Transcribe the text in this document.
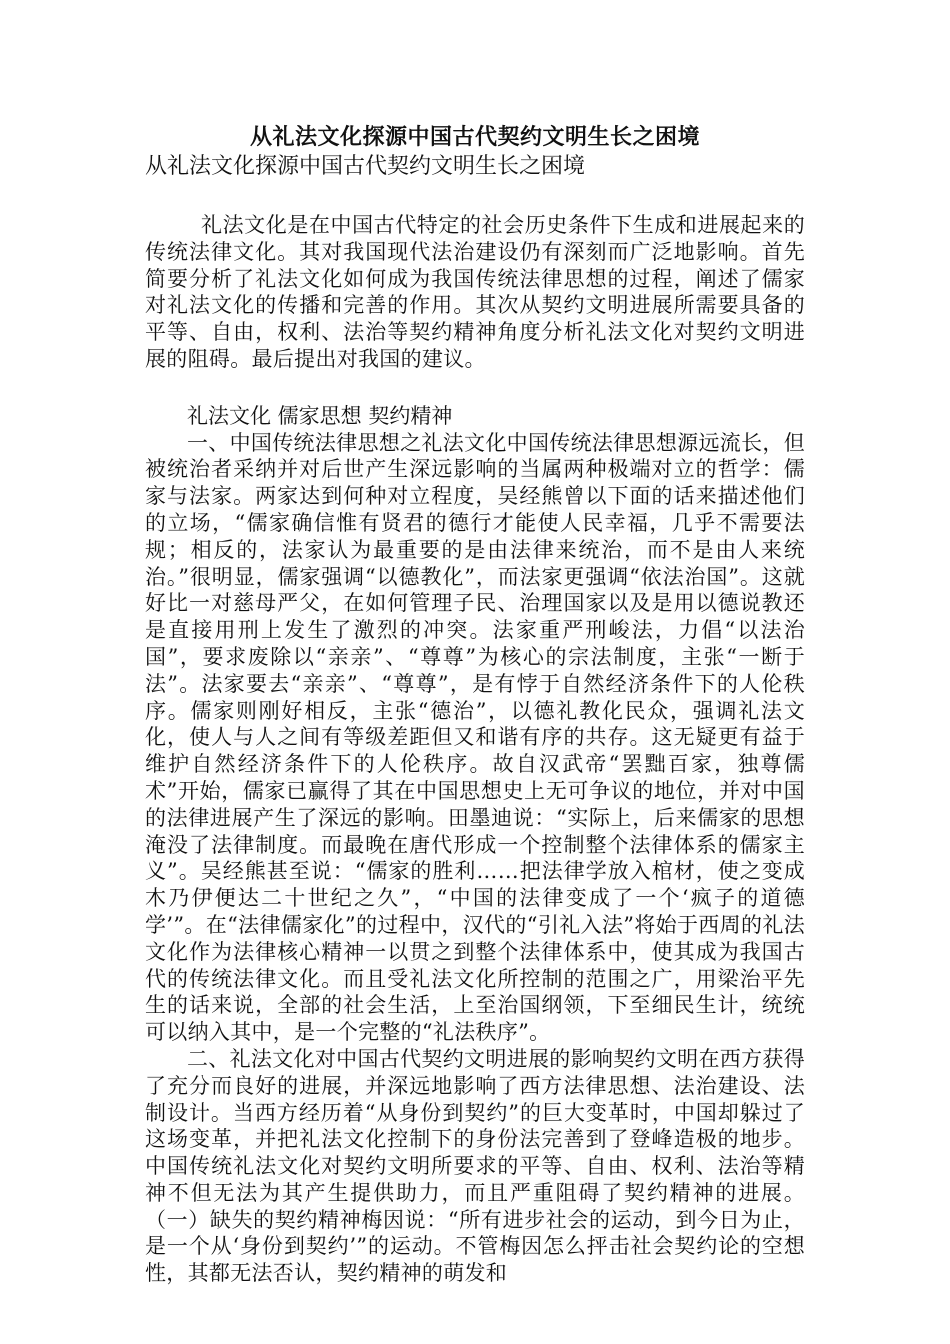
从礼法文化探源中国古代契约文明生长之困境

从礼法文化探源中国古代契约文明生长之困境

礼法文化是在中国古代特定的社会历史条件下生成和进展起来的传统法律文化。其对我国现代法治建设仍有深刻而广泛地影响。首先简要分析了礼法文化如何成为我国传统法律思想的过程，阐述了儒家对礼法文化的传播和完善的作用。其次从契约文明进展所需要具备的平等、自由，权利、法治等契约精神角度分析礼法文化对契约文明进展的阻碍。最后提出对我国的建议。

礼法文化 儒家思想 契约精神

一、中国传统法律思想之礼法文化中国传统法律思想源远流长，但被统治者采纳并对后世产生深远影响的当属两种极端对立的哲学：儒家与法家。两家达到何种对立程度，吴经熊曾以下面的话来描述他们的立场，“儒家确信惟有贤君的德行才能使人民幸福，几乎不需要法规；相反的，法家认为最重要的是由法律来统治，而不是由人来统治。”很明显，儒家强调“以德教化”，而法家更强调“依法治国”。这就好比一对慈母严父，在如何管理子民、治理国家以及是用以德说教还是直接用刑上发生了激烈的冲突。法家重严刑峻法，力倡“以法治国”，要求废除以“亲亲”、“尊尊”为核心的宗法制度，主张“一断于法”。法家要去“亲亲”、“尊尊”，是有悖于自然经济条件下的人伦秩序。儒家则刚好相反，主张“德治”，以德礼教化民众，强调礼法文化，使人与人之间有等级差距但又和谐有序的共存。这无疑更有益于维护自然经济条件下的人伦秩序。故自汉武帝“罢黜百家，独尊儒术”开始，儒家已赢得了其在中国思想史上无可争议的地位，并对中国的法律进展产生了深远的影响。田墨迪说：“实际上，后来儒家的思想淹没了法律制度。而最晚在唐代形成一个控制整个法律体系的儒家主义”。吴经熊甚至说：“儒家的胜利……把法律学放入棺材，使之变成木乃伊便达二十世纪之久”，“中国的法律变成了一个‘疯子的道德学’”。在“法律儒家化”的过程中，汉代的“引礼入法”将始于西周的礼法文化作为法律核心精神一以贯之到整个法律体系中，使其成为我国古代的传统法律文化。而且受礼法文化所控制的范围之广，用梁治平先生的话来说，全部的社会生活，上至治国纲领，下至细民生计，统统可以纳入其中，是一个完整的“礼法秩序”。

二、礼法文化对中国古代契约文明进展的影响契约文明在西方获得了充分而良好的进展，并深远地影响了西方法律思想、法治建设、法制设计。当西方经历着“从身份到契约”的巨大变革时，中国却躲过了这场变革，并把礼法文化控制下的身份法完善到了登峰造极的地步。中国传统礼法文化对契约文明所要求的平等、自由、权利、法治等精神不但无法为其产生提供助力，而且严重阻碍了契约精神的进展。（一）缺失的契约精神梅因说：“所有进步社会的运动，到今日为止，是一个从‘身份到契约’”的运动。不管梅因怎么抨击社会契约论的空想性，其都无法否认，契约精神的萌发和
